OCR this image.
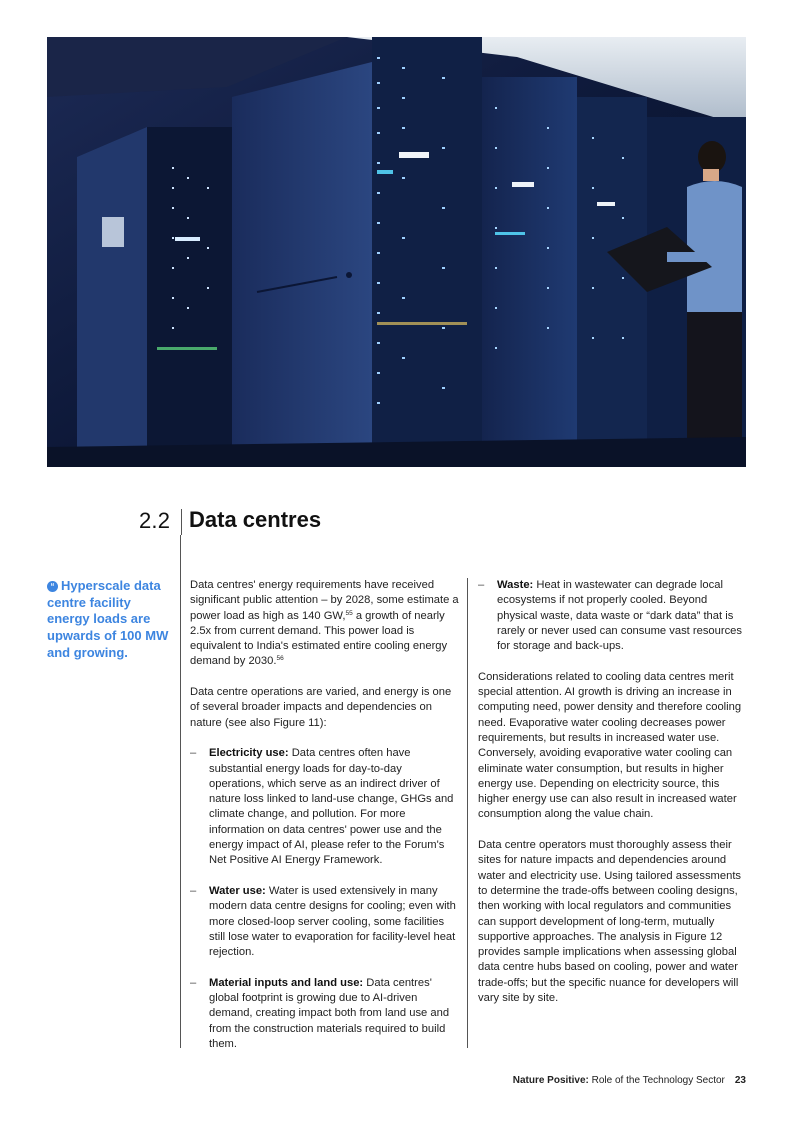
2.2 Data centres
“ Hyperscale data centre facility energy loads are upwards of 100 MW and growing.

Data centres' energy requirements have received significant public attention – by 2028, some estimate a power load as high as 140 GW,$^{55}$ a growth of nearly 2.5x from current demand. This power load is equivalent to India's estimated entire cooling energy demand by 2030.56

Data centre operations are varied, and energy is one of several broader impacts and dependencies on nature (see also Figure 11):

– Electricity use: Data centres often have substantial energy loads for day-to-day operations, which serve as an indirect driver of nature loss linked to land-use change, GHGs and climate change, and pollution. For more information on data centres' power use and the energy impact of AI, please refer to the Forum's Net Positive AI Energy Framework.
– Water use: Water is used extensively in many modern data centre designs for cooling; even with more closed-loop server cooling, some facilities still lose water to evaporation for facility-level heat rejection.
– Material inputs and land use: Data centres' global footprint is growing due to AI-driven demand, creating impact both from land use and from the construction materials required to build them.
– Waste: Heat in wastewater can degrade local ecosystems if not properly cooled. Beyond physical waste, data waste or “dark data” that is rarely or never used can consume vast resources for storage and back-ups.

Considerations related to cooling data centres merit special attention. AI growth is driving an increase in computing need, power density and therefore cooling need. Evaporative water cooling decreases power requirements, but results in increased water use. Conversely, avoiding evaporative water cooling can eliminate water consumption, but results in higher energy use. Depending on electricity source, this higher energy use can also result in increased water consumption along the value chain.

Data centre operators must thoroughly assess their sites for nature impacts and dependencies around water and electricity use. Using tailored assessments to determine the trade-offs between cooling designs, then working with local regulators and communities can support development of long-term, mutually supportive approaches. The analysis in Figure 12 provides sample implications when assessing global data centre hubs based on cooling, power and water trade-offs; but the specific nuance for developers will vary site by site.

Nature Positive: Role of the Technology Sector 23
